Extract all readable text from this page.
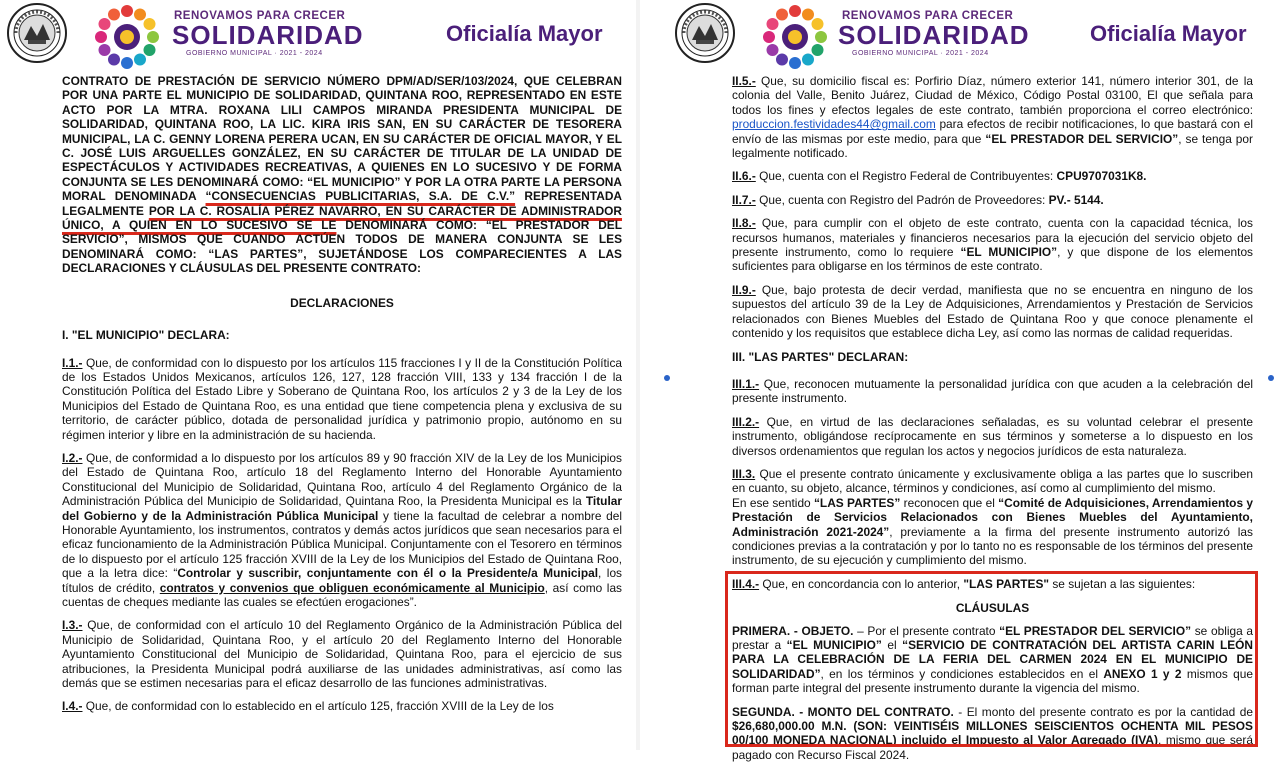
RENOVAMOS PARA CRECER
SOLIDARIDAD
GOBIERNO MUNICIPAL · 2021 - 2024
Oficialía Mayor

CONTRATO DE PRESTACIÓN DE SERVICIO NÚMERO DPM/AD/SER/103/2024, QUE CELEBRAN POR UNA PARTE EL MUNICIPIO DE SOLIDARIDAD, QUINTANA ROO, REPRESENTADO EN ESTE ACTO POR LA MTRA. ROXANA LILI CAMPOS MIRANDA PRESIDENTA MUNICIPAL DE SOLIDARIDAD, QUINTANA ROO, LA LIC. KIRA IRIS SAN, EN SU CARÁCTER DE TESORERA MUNICIPAL, LA C. GENNY LORENA PERERA UCAN, EN SU CARÁCTER DE OFICIAL MAYOR, Y EL C. JOSÉ LUIS ARGUELLES GONZÁLEZ, EN SU CARÁCTER DE TITULAR DE LA UNIDAD DE ESPECTÁCULOS Y ACTIVIDADES RECREATIVAS, A QUIENES EN LO SUCESIVO Y DE FORMA CONJUNTA SE LES DENOMINARÁ COMO: “EL MUNICIPIO” Y POR LA OTRA PARTE LA PERSONA MORAL DENOMINADA “CONSECUENCIAS PUBLICITARIAS, S.A. DE C.V.” REPRESENTADA LEGALMENTE POR LA C. ROSALÍA PÉREZ NAVARRO, EN SU CARÁCTER DE ADMINISTRADOR ÚNICO, A QUIEN EN LO SUCESIVO SE LE DENOMINARÁ COMO: “EL PRESTADOR DEL SERVICIO”, MISMOS QUE CUANDO ACTÚEN TODOS DE MANERA CONJUNTA SE LES DENOMINARÁ COMO: “LAS PARTES”, SUJETÁNDOSE LOS COMPARECIENTES A LAS DECLARACIONES Y CLÁUSULAS DEL PRESENTE CONTRATO:

DECLARACIONES

I. "EL MUNICIPIO" DECLARA:

I.1.- Que, de conformidad con lo dispuesto por los artículos 115 fracciones I y II de la Constitución Política de los Estados Unidos Mexicanos, artículos 126, 127, 128 fracción VIII, 133 y 134 fracción I de la Constitución Política del Estado Libre y Soberano de Quintana Roo, los artículos 2 y 3 de la Ley de los Municipios del Estado de Quintana Roo, es una entidad que tiene competencia plena y exclusiva de su territorio, de carácter público, dotada de personalidad jurídica y patrimonio propio, autónomo en su régimen interior y libre en la administración de su hacienda.

I.2.- Que, de conformidad a lo dispuesto por los artículos 89 y 90 fracción XIV de la Ley de los Municipios del Estado de Quintana Roo, artículo 18 del Reglamento Interno del Honorable Ayuntamiento Constitucional del Municipio de Solidaridad, Quintana Roo, artículo 4 del Reglamento Orgánico de la Administración Pública del Municipio de Solidaridad, Quintana Roo, la Presidenta Municipal es la Titular del Gobierno y de la Administración Pública Municipal y tiene la facultad de celebrar a nombre del Honorable Ayuntamiento, los instrumentos, contratos y demás actos jurídicos que sean necesarios para el eficaz funcionamiento de la Administración Pública Municipal. Conjuntamente con el Tesorero en términos de lo dispuesto por el artículo 125 fracción XVIII de la Ley de los Municipios del Estado de Quintana Roo, que a la letra dice: “Controlar y suscribir, conjuntamente con él o la Presidente/a Municipal, los títulos de crédito, contratos y convenios que obliguen económicamente al Municipio, así como las cuentas de cheques mediante las cuales se efectúen erogaciones”.

I.3.- Que, de conformidad con el artículo 10 del Reglamento Orgánico de la Administración Pública del Municipio de Solidaridad, Quintana Roo, y el artículo 20 del Reglamento Interno del Honorable Ayuntamiento Constitucional del Municipio de Solidaridad, Quintana Roo, para el ejercicio de sus atribuciones, la Presidenta Municipal podrá auxiliarse de las unidades administrativas, así como las demás que se estimen necesarias para el eficaz desarrollo de las funciones administrativas.

I.4.- Que, de conformidad con lo establecido en el artículo 125, fracción XVIII de la Ley de los

RENOVAMOS PARA CRECER
SOLIDARIDAD
GOBIERNO MUNICIPAL · 2021 - 2024
Oficialía Mayor

II.5.- Que, su domicilio fiscal es: Porfirio Díaz, número exterior 141, número interior 301, de la colonia del Valle, Benito Juárez, Ciudad de México, Código Postal 03100, El que señala para todos los fines y efectos legales de este contrato, también proporciona el correo electrónico: produccion.festividades44@gmail.com para efectos de recibir notificaciones, lo que bastará con el envío de las mismas por este medio, para que “EL PRESTADOR DEL SERVICIO”, se tenga por legalmente notificado.

II.6.- Que, cuenta con el Registro Federal de Contribuyentes: CPU9707031K8.

II.7.- Que, cuenta con Registro del Padrón de Proveedores: PV.- 5144.

II.8.- Que, para cumplir con el objeto de este contrato, cuenta con la capacidad técnica, los recursos humanos, materiales y financieros necesarios para la ejecución del servicio objeto del presente instrumento, como lo requiere “EL MUNICIPIO”, y que dispone de los elementos suficientes para obligarse en los términos de este contrato.

II.9.- Que, bajo protesta de decir verdad, manifiesta que no se encuentra en ninguno de los supuestos del artículo 39 de la Ley de Adquisiciones, Arrendamientos y Prestación de Servicios relacionados con Bienes Muebles del Estado de Quintana Roo y que conoce plenamente el contenido y los requisitos que establece dicha Ley, así como las normas de calidad requeridas.

III. "LAS PARTES" DECLARAN:

III.1.- Que, reconocen mutuamente la personalidad jurídica con que acuden a la celebración del presente instrumento.

III.2.- Que, en virtud de las declaraciones señaladas, es su voluntad celebrar el presente instrumento, obligándose recíprocamente en sus términos y someterse a lo dispuesto en los diversos ordenamientos que regulan los actos y negocios jurídicos de esta naturaleza.

III.3. Que el presente contrato únicamente y exclusivamente obliga a las partes que lo suscriben en cuanto, su objeto, alcance, términos y condiciones, así como al cumplimiento del mismo.

En ese sentido “LAS PARTES” reconocen que el “Comité de Adquisiciones, Arrendamientos y Prestación de Servicios Relacionados con Bienes Muebles del Ayuntamiento, Administración 2021-2024”, previamente a la firma del presente instrumento autorizó las condiciones previas a la contratación y por lo tanto no es responsable de los términos del presente instrumento, de su ejecución y cumplimiento del mismo.

III.4.- Que, en concordancia con lo anterior, "LAS PARTES" se sujetan a las siguientes:

CLÁUSULAS

PRIMERA. - OBJETO. – Por el presente contrato “EL PRESTADOR DEL SERVICIO” se obliga a prestar a “EL MUNICIPIO” el “SERVICIO DE CONTRATACIÓN DEL ARTISTA CARIN LEÓN PARA LA CELEBRACIÓN DE LA FERIA DEL CARMEN 2024 EN EL MUNICIPIO DE SOLIDARIDAD”, en los términos y condiciones establecidos en el ANEXO 1 y 2 mismos que forman parte integral del presente instrumento durante la vigencia del mismo.

SEGUNDA. - MONTO DEL CONTRATO. - El monto del presente contrato es por la cantidad de $26,680,000.00 M.N. (SON: VEINTISÉIS MILLONES SEISCIENTOS OCHENTA MIL PESOS 00/100 MONEDA NACIONAL) incluido el Impuesto al Valor Agregado (IVA), mismo que será pagado con Recurso Fiscal 2024.
